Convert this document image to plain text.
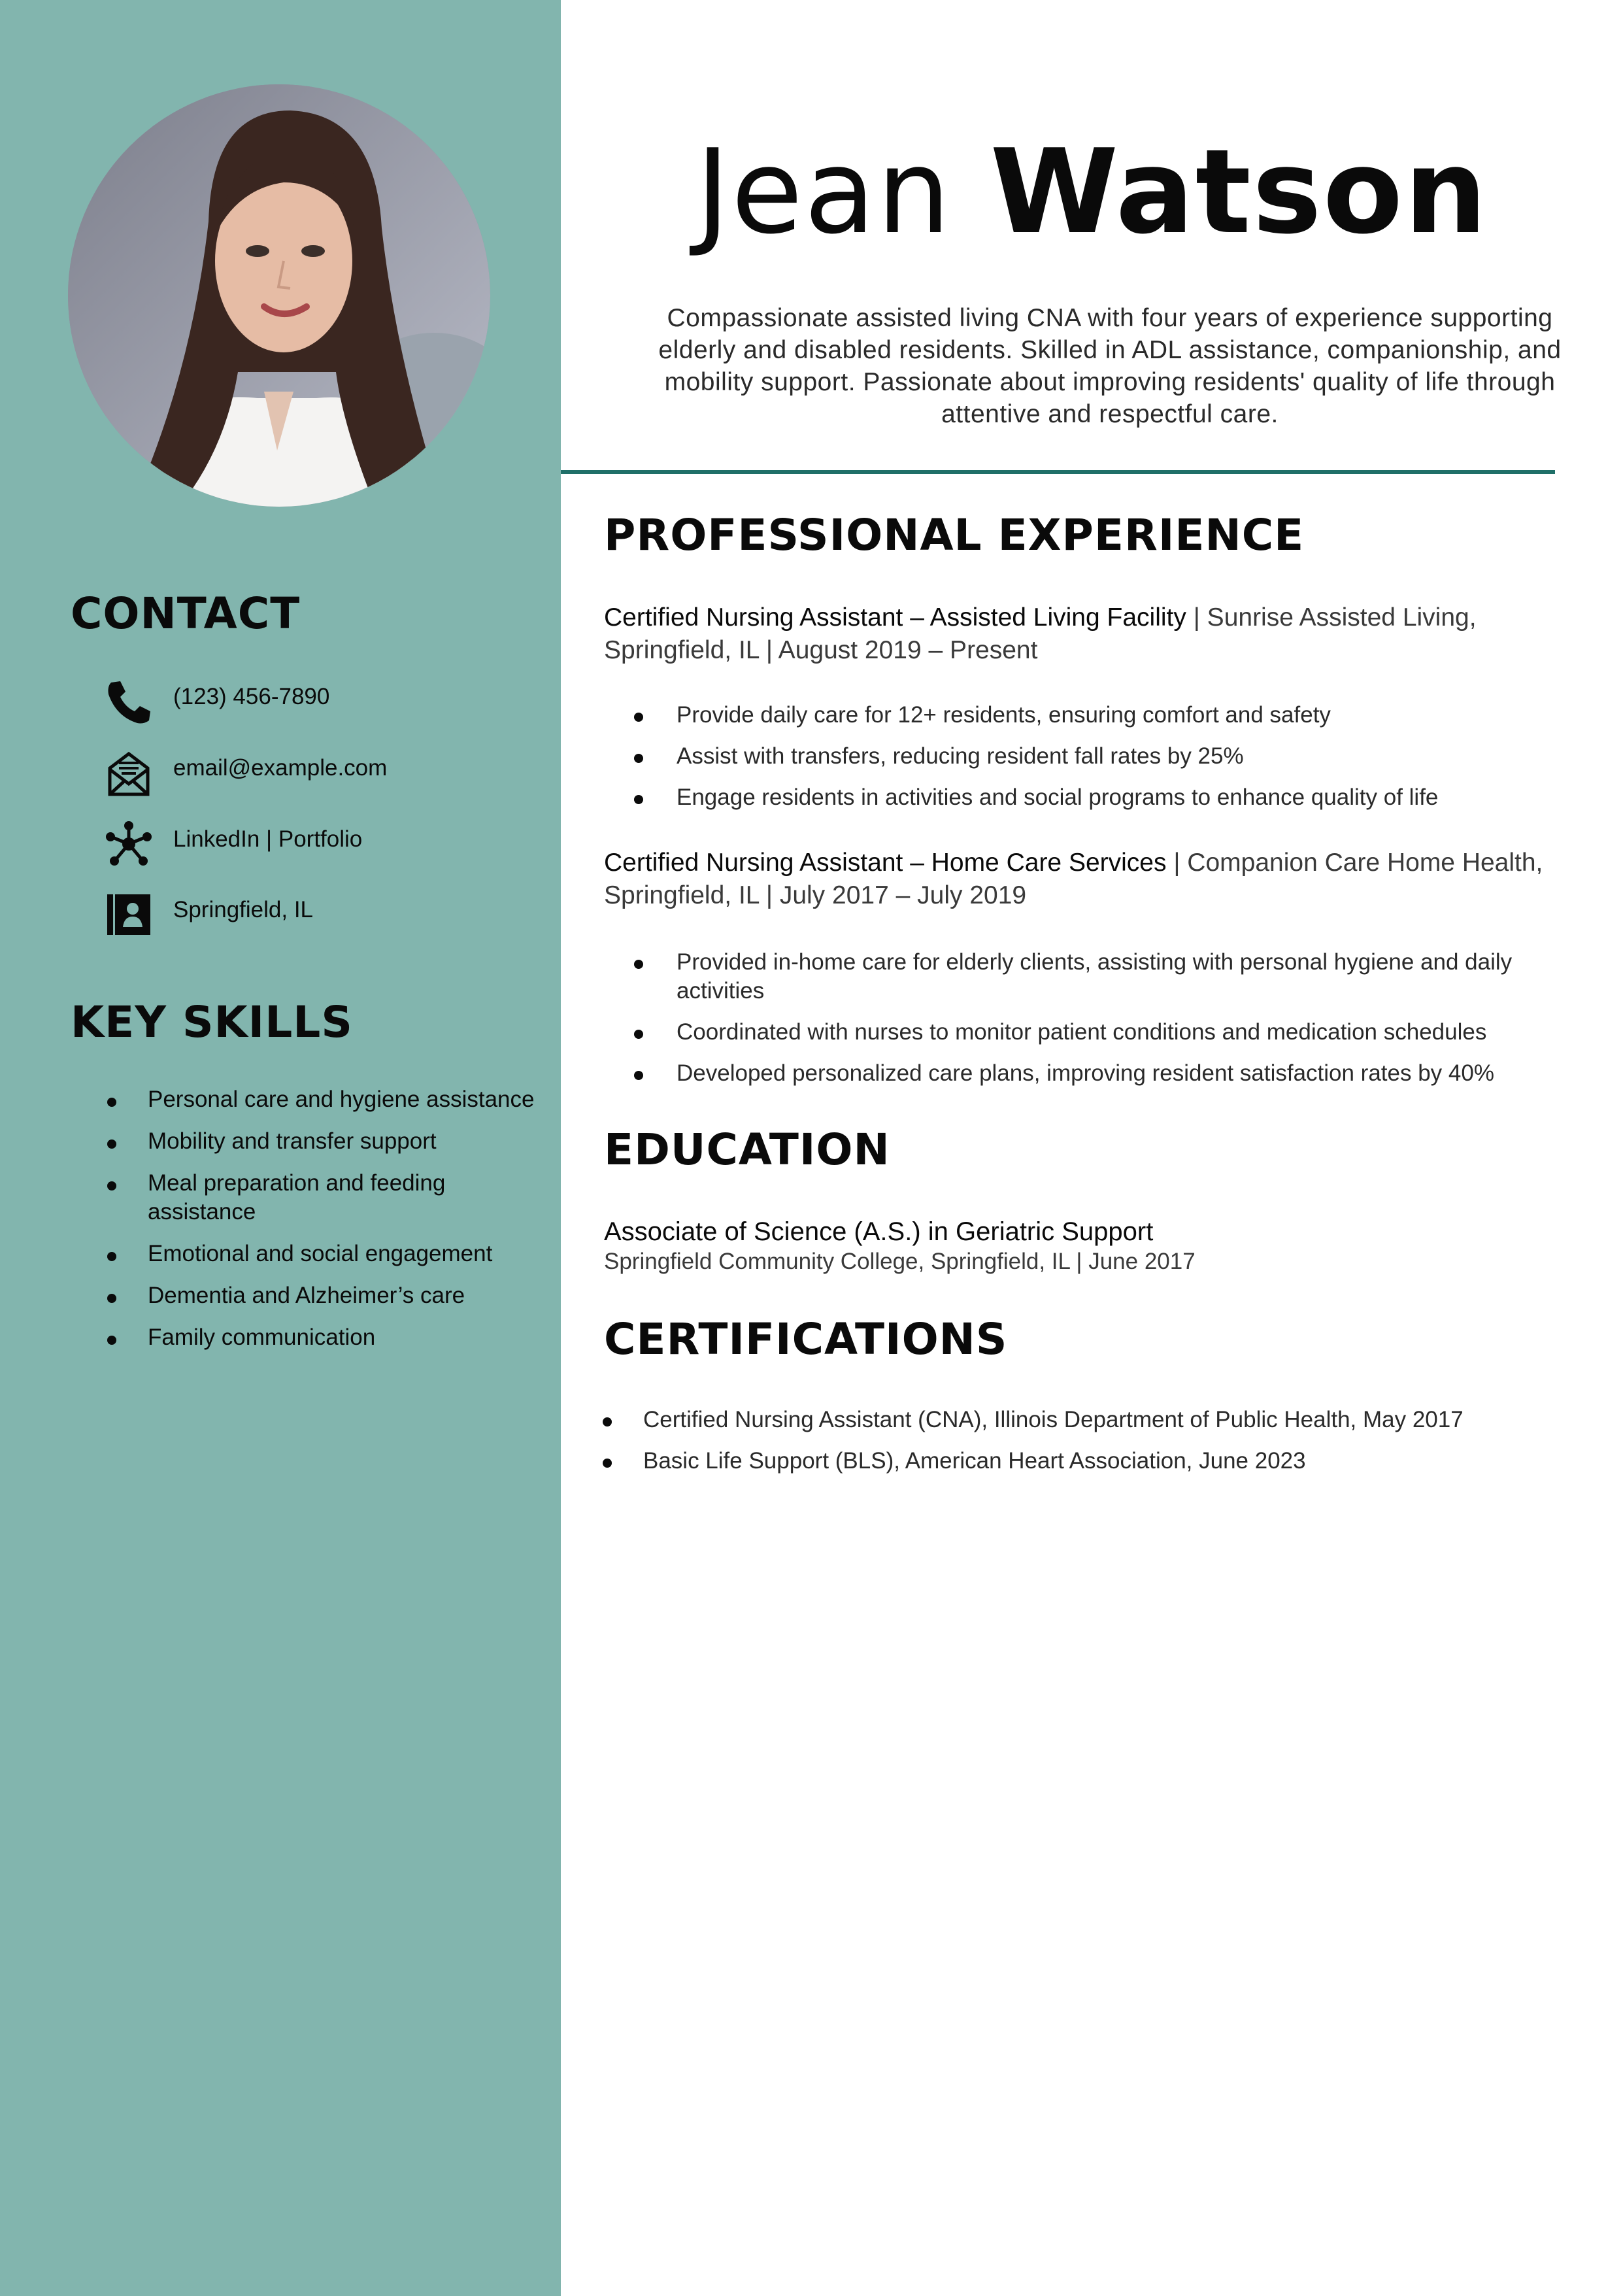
CONTACT
(123) 456-7890
email@example.com
LinkedIn | Portfolio
Springfield, IL
KEY SKILLS
Personal care and hygiene assistance
Mobility and transfer support
Meal preparation and feeding assistance
Emotional and social engagement
Dementia and Alzheimer’s care
Family communication
Jean Watson
Compassionate assisted living CNA with four years of experience supporting elderly and disabled residents. Skilled in ADL assistance, companionship, and mobility support. Passionate about improving residents' quality of life through attentive and respectful care.
PROFESSIONAL EXPERIENCE
Certified Nursing Assistant – Assisted Living Facility | Sunrise Assisted Living, Springfield, IL | August 2019 – Present
Provide daily care for 12+ residents, ensuring comfort and safety
Assist with transfers, reducing resident fall rates by 25%
Engage residents in activities and social programs to enhance quality of life
Certified Nursing Assistant – Home Care Services | Companion Care Home Health, Springfield, IL | July 2017 – July 2019
Provided in-home care for elderly clients, assisting with personal hygiene and daily activities
Coordinated with nurses to monitor patient conditions and medication schedules
Developed personalized care plans, improving resident satisfaction rates by 40%
EDUCATION
Associate of Science (A.S.) in Geriatric Support
Springfield Community College, Springfield, IL | June 2017
CERTIFICATIONS
Certified Nursing Assistant (CNA), Illinois Department of Public Health, May 2017
Basic Life Support (BLS), American Heart Association, June 2023
